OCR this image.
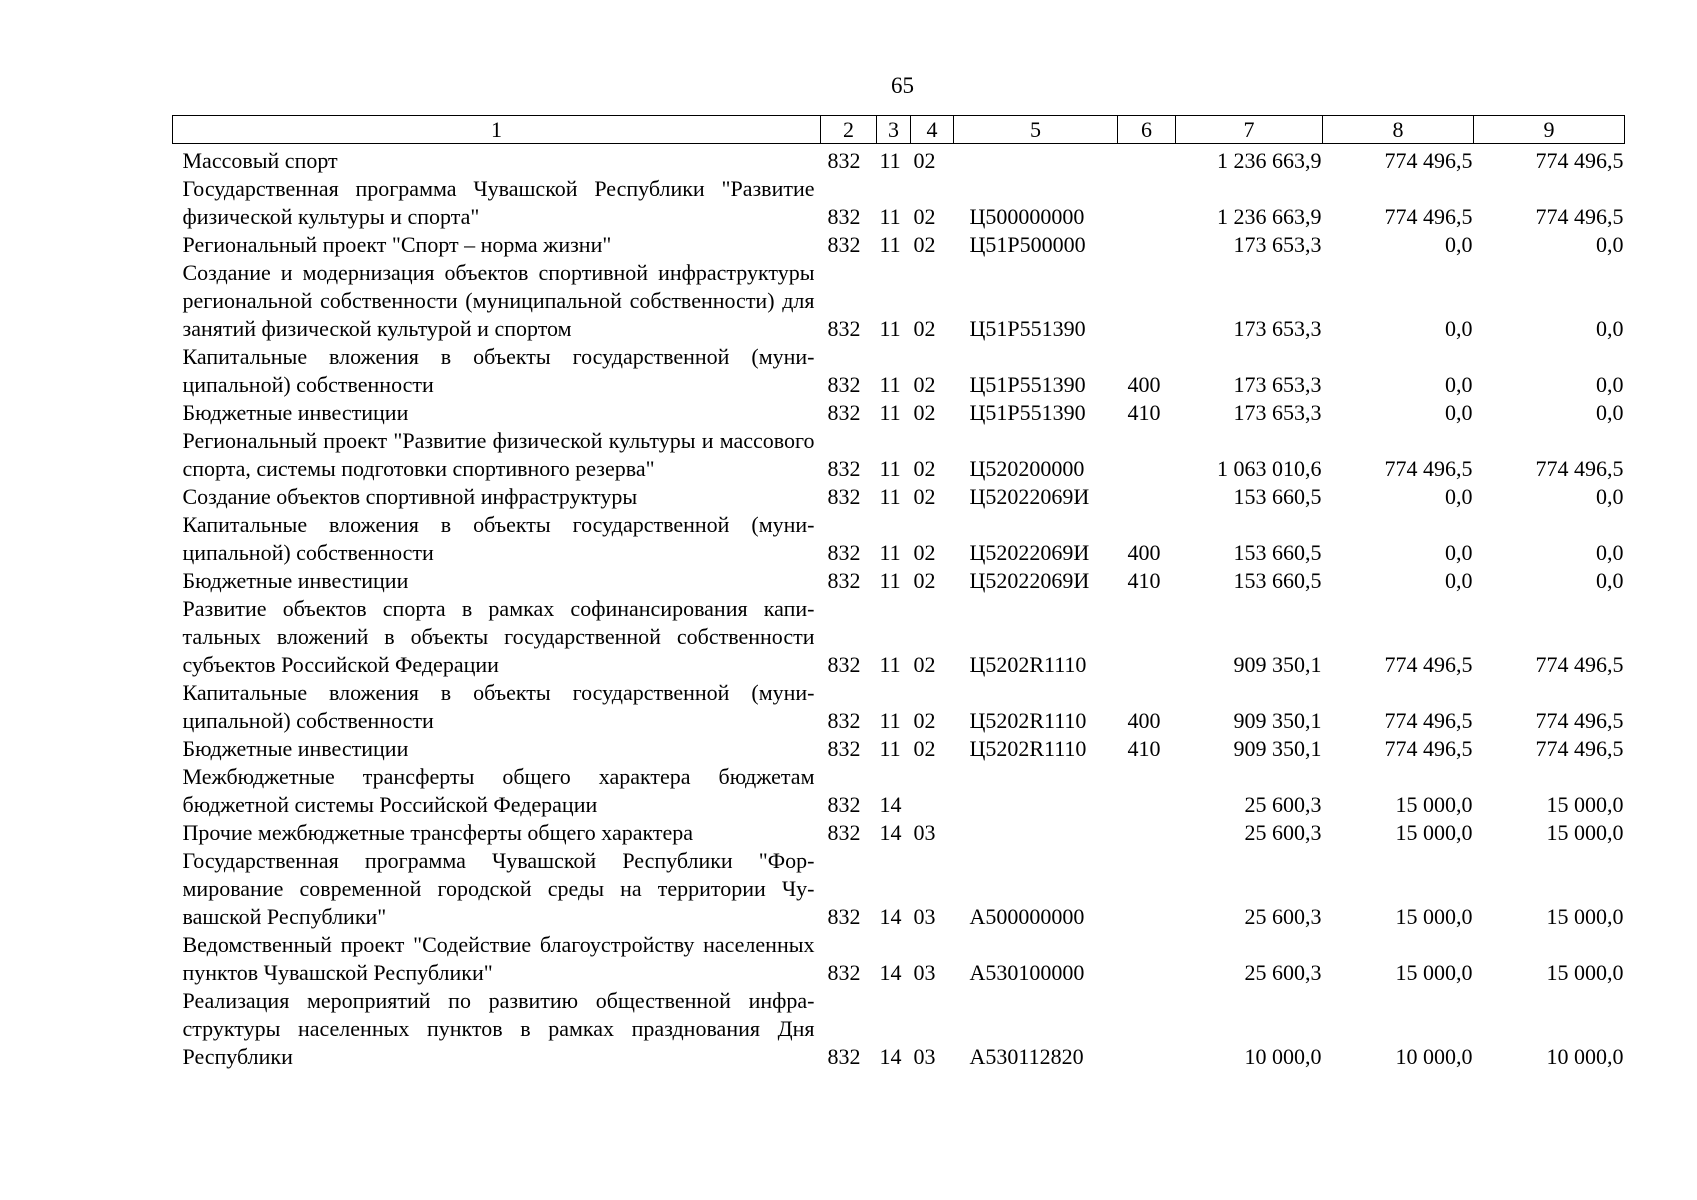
65
1	2	3	4	5	6	7	8	9
Массовый спорт	832	11	02			1 236 663,9	774 496,5	774 496,5
Государственная программа Чувашской Республики "Развитие физической культуры и спорта"	832	11	02	Ц500000000		1 236 663,9	774 496,5	774 496,5
Региональный проект "Спорт – норма жизни"	832	11	02	Ц51Р500000		173 653,3	0,0	0,0
Создание и модернизация объектов спортивной инфраструктуры региональной собственности (муниципальной собственности) для занятий физической культурой и спортом	832	11	02	Ц51Р551390		173 653,3	0,0	0,0
Капитальные вложения в объекты государственной (муниципальной) собственности	832	11	02	Ц51Р551390	400	173 653,3	0,0	0,0
Бюджетные инвестиции	832	11	02	Ц51Р551390	410	173 653,3	0,0	0,0
Региональный проект "Развитие физической культуры и массового спорта, системы подготовки спортивного резерва"	832	11	02	Ц520200000		1 063 010,6	774 496,5	774 496,5
Создание объектов спортивной инфраструктуры	832	11	02	Ц52022069И		153 660,5	0,0	0,0
Капитальные вложения в объекты государственной (муниципальной) собственности	832	11	02	Ц52022069И	400	153 660,5	0,0	0,0
Бюджетные инвестиции	832	11	02	Ц52022069И	410	153 660,5	0,0	0,0
Развитие объектов спорта в рамках софинансирования капитальных вложений в объекты государственной собственности субъектов Российской Федерации	832	11	02	Ц5202R1110		909 350,1	774 496,5	774 496,5
Капитальные вложения в объекты государственной (муниципальной) собственности	832	11	02	Ц5202R1110	400	909 350,1	774 496,5	774 496,5
Бюджетные инвестиции	832	11	02	Ц5202R1110	410	909 350,1	774 496,5	774 496,5
Межбюджетные трансферты общего характера бюджетам бюджетной системы Российской Федерации	832	14				25 600,3	15 000,0	15 000,0
Прочие межбюджетные трансферты общего характера	832	14	03			25 600,3	15 000,0	15 000,0
Государственная программа Чувашской Республики "Формирование современной городской среды на территории Чувашской Республики"	832	14	03	А500000000		25 600,3	15 000,0	15 000,0
Ведомственный проект "Содействие благоустройству населенных пунктов Чувашской Республики"	832	14	03	А530100000		25 600,3	15 000,0	15 000,0
Реализация мероприятий по развитию общественной инфраструктуры населенных пунктов в рамках празднования Дня Республики	832	14	03	А530112820		10 000,0	10 000,0	10 000,0
